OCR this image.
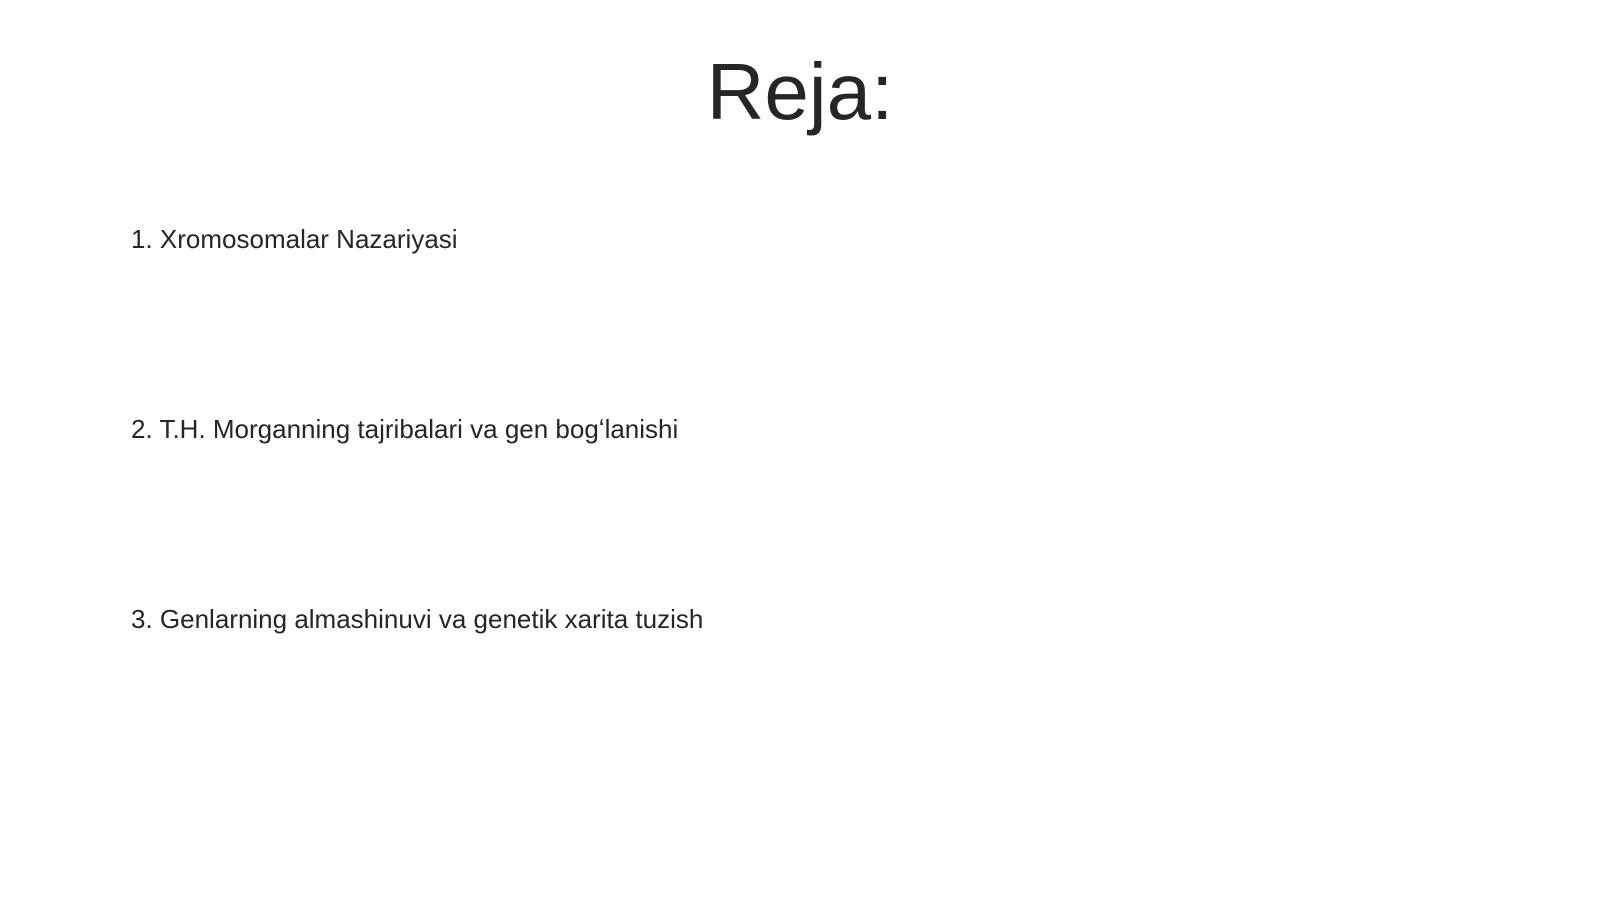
Reja:
1. Xromosomalar Nazariyasi
2. T.H. Morganning tajribalari va gen bogʻlanishi
3. Genlarning almashinuvi va genetik xarita tuzish
